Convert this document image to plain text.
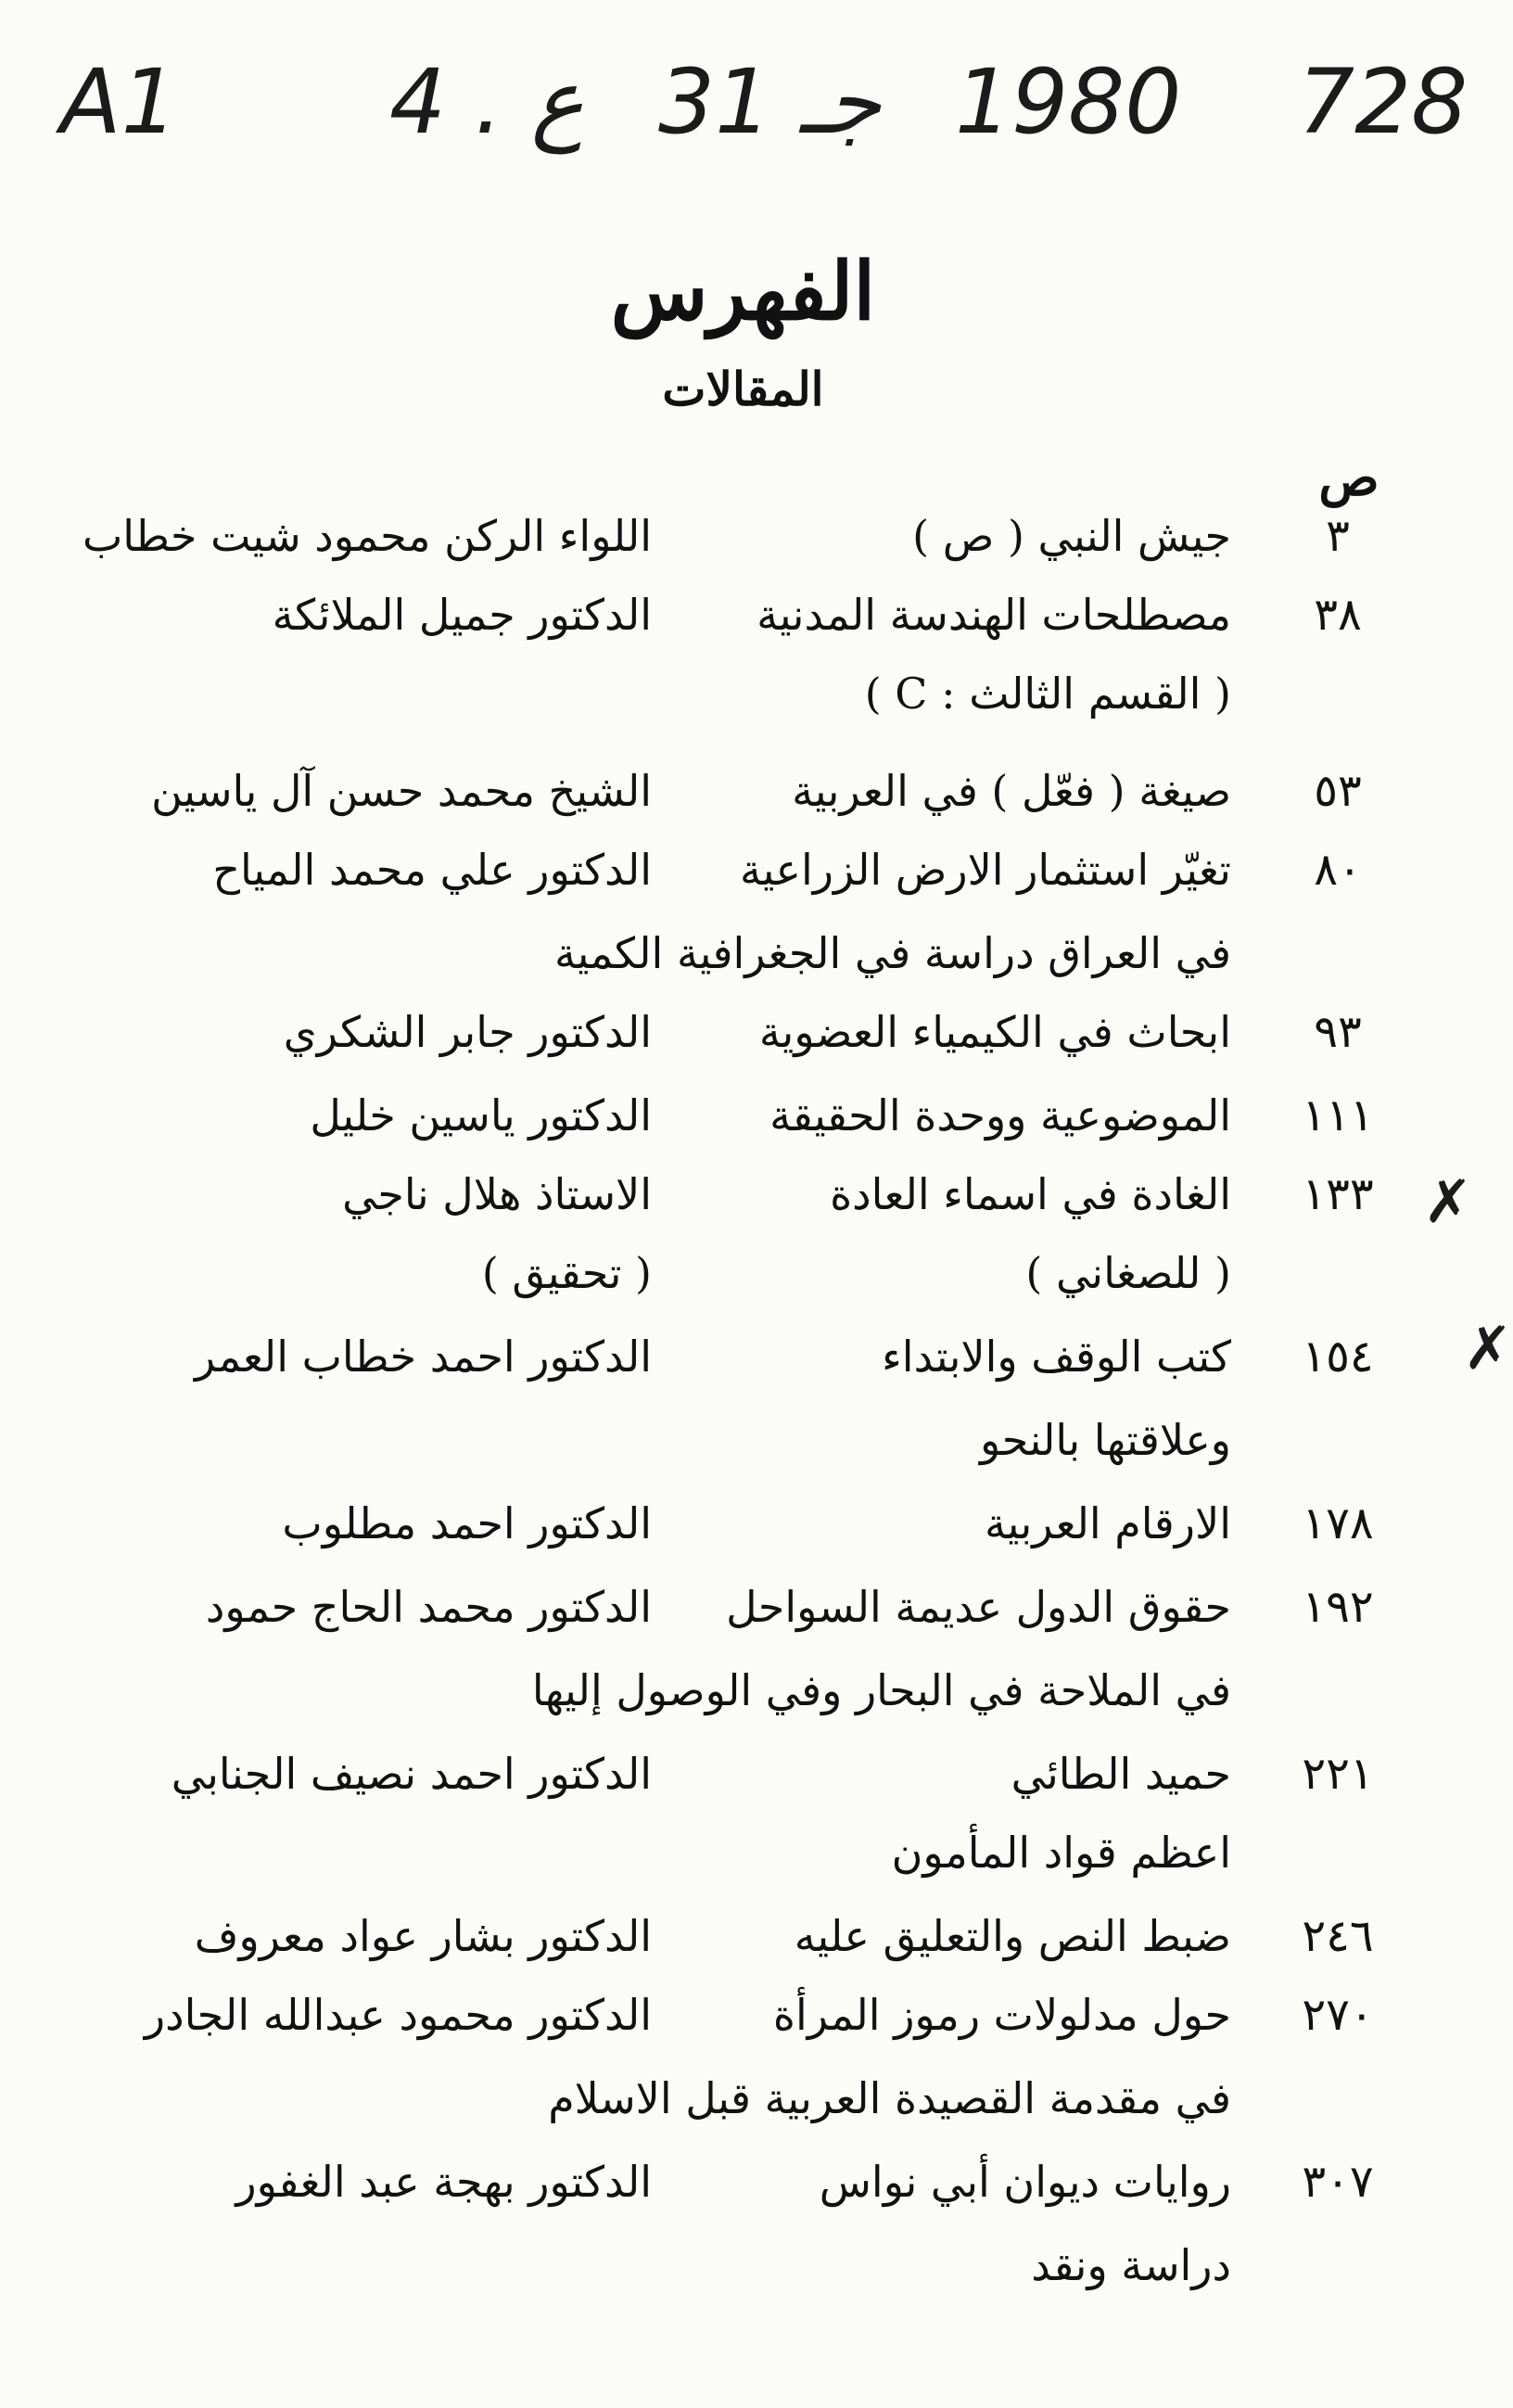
A1 4 . ع 31 جـ 1980 728
الفهرس
المقالات
ص
٣
جيش النبي ( ص )
اللواء الركن محمود شيت خطاب
٣٨
مصطلحات الهندسة المدنية
الدكتور جميل الملائكة
( القسم الثالث : C )
٥٣
صيغة ( فعّل ) في العربية
الشيخ محمد حسن آل ياسين
٨٠
تغيّر استثمار الارض الزراعية
الدكتور علي محمد المياح
في العراق دراسة في الجغرافية الكمية
٩٣
ابحاث في الكيمياء العضوية
الدكتور جابر الشكري
١١١
الموضوعية ووحدة الحقيقة
الدكتور ياسين خليل
١٣٣
الغادة في اسماء العادة
الاستاذ هلال ناجي
( للصغاني )
( تحقيق )
١٥٤
كتب الوقف والابتداء
الدكتور احمد خطاب العمر
وعلاقتها بالنحو
١٧٨
الارقام العربية
الدكتور احمد مطلوب
١٩٢
حقوق الدول عديمة السواحل
الدكتور محمد الحاج حمود
في الملاحة في البحار وفي الوصول إليها
٢٢١
حميد الطائي
الدكتور احمد نصيف الجنابي
اعظم قواد المأمون
٢٤٦
ضبط النص والتعليق عليه
الدكتور بشار عواد معروف
٢٧٠
حول مدلولات رموز المرأة
الدكتور محمود عبدالله الجادر
في مقدمة القصيدة العربية قبل الاسلام
٣٠٧
روايات ديوان أبي نواس
الدكتور بهجة عبد الغفور
دراسة ونقد
✗
✗
